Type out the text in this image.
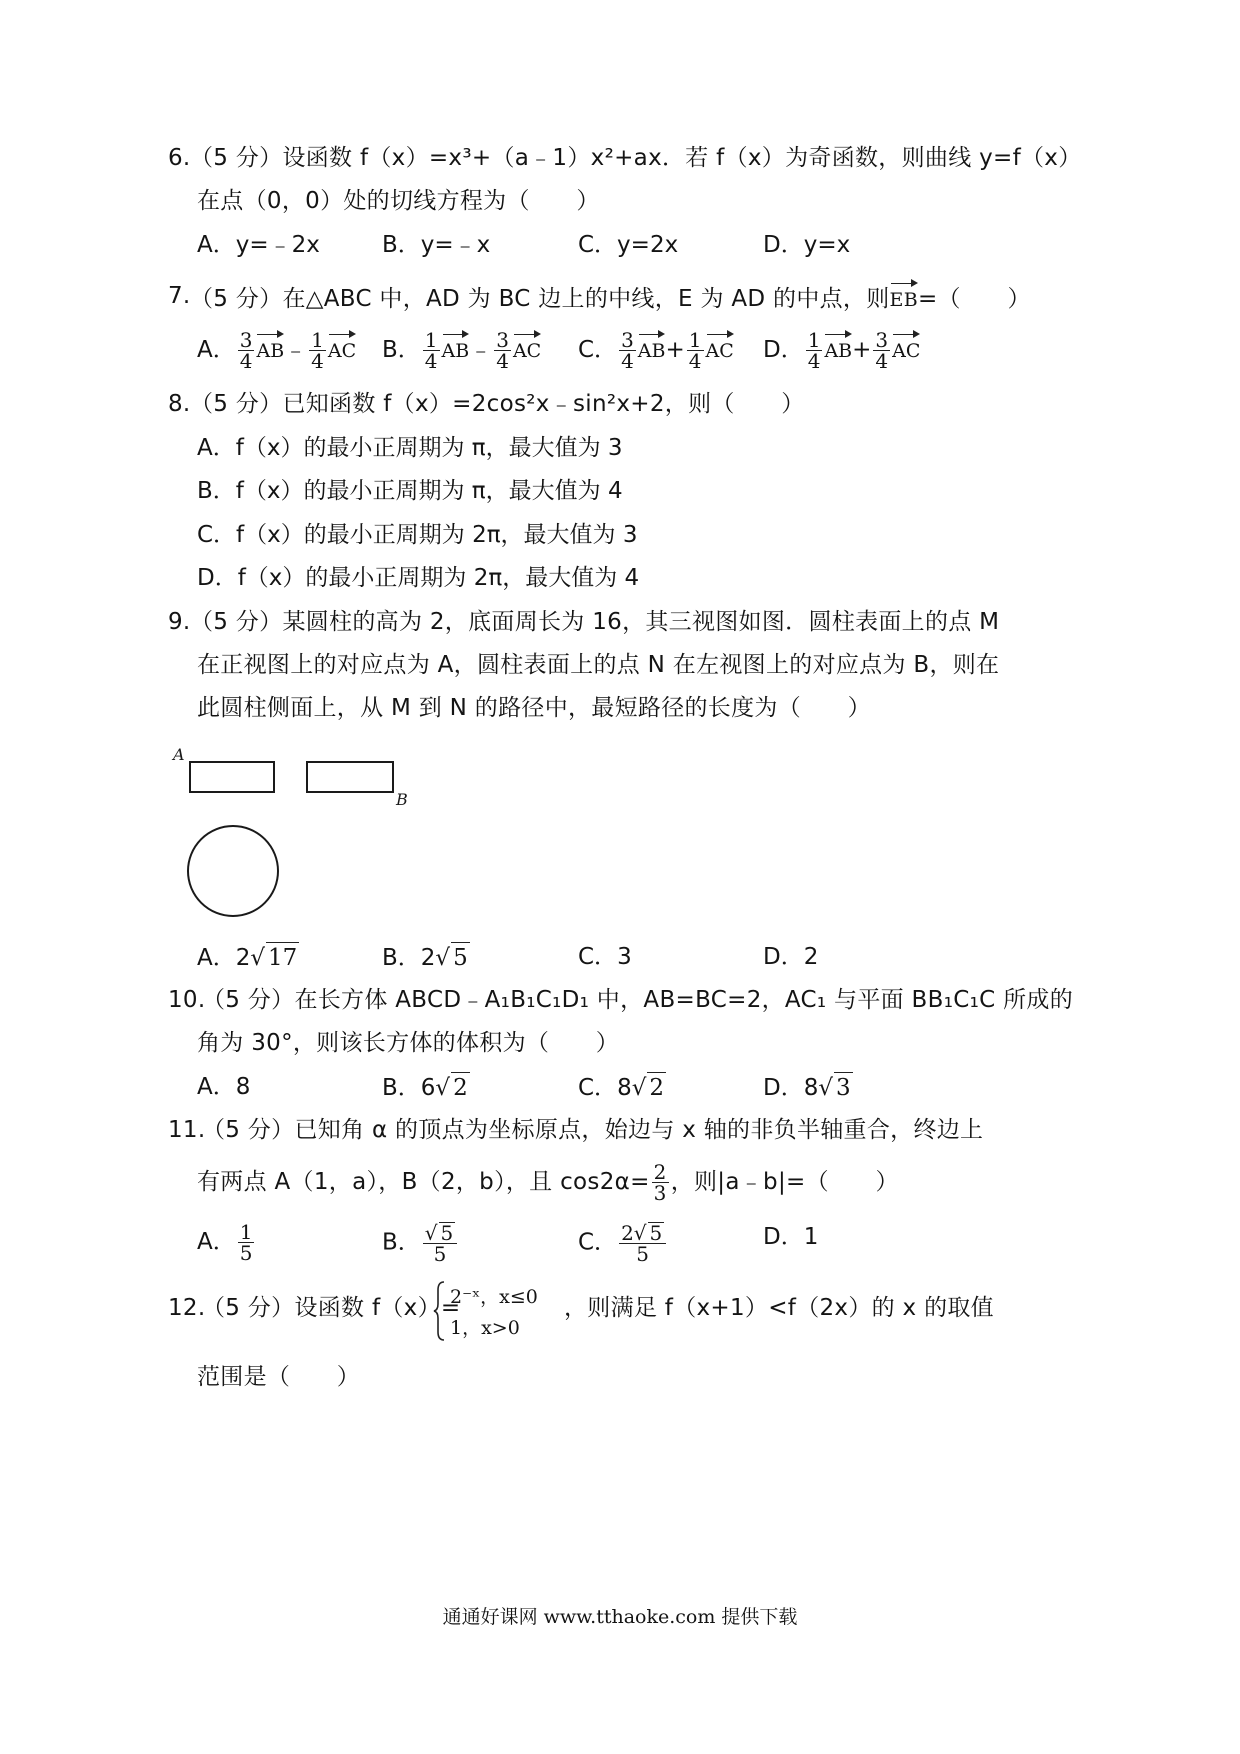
6. （5 分）设函数 f（x）=x³+（a﹣1）x²+ax．若 f（x）为奇函数，则曲线 y=f（x）
在点（0，0）处的切线方程为（　　）
A．y=﹣2x	B．y=﹣x	C．y=2x	D．y=x
7. （5 分）在△ABC 中，AD 为 BC 边上的中线，E 为 AD 的中点，则EB=（　　）
A． $\frac{3}{4}$ AB﹣ $\frac{1}{4}$ AC B． $\frac{1}{4}$ AB﹣ $\frac{3}{4}$ AC C． $\frac{3}{4} AB+ \frac{1}{4}$ AC D． $\frac{1}{4} AB+ \frac{3}{4}$ AC
8. （5 分）已知函数 f（x）=2cos²x﹣sin²x+2，则（　　）
A．f（x）的最小正周期为 π，最大值为 3
B．f（x）的最小正周期为 π，最大值为 4
C．f（x）的最小正周期为 2π，最大值为 3
D．f（x）的最小正周期为 2π，最大值为 4
9. （5 分）某圆柱的高为 2，底面周长为 16，其三视图如图．圆柱表面上的点 M
在正视图上的对应点为 A，圆柱表面上的点 N 在左视图上的对应点为 B，则在
此圆柱侧面上，从 M 到 N 的路径中，最短路径的长度为（　　）
A
B
A．2√ 17	B．2√ 5	C．3	D．2
10.
（5 分）在长方体 ABCD﹣A₁B₁C₁D₁ 中，AB=BC=2，AC₁ 与平面 BB₁C₁C 所成的
角为 30°，则该长方体的体积为（　　）
A．8	B．6√ 2	C．8√ 2	D．8√ 3
11.
（5 分）已知角 α 的顶点为坐标原点，始边与 x 轴的非负半轴重合，终边上
有两点 A（1，a），B（2，b），且 $\cos 2\alpha= \frac{2}{3}$ ，则|a﹣b|=（　　）
A． $\frac{1}{5}$	B． $\frac{√ 5}{5}$	C． $\frac{2√ 5}{5}$	D．1
12.
（5 分）设函数 f（x）=
2⁻ˣ，x≤0
1，x>0
，则满足 f（x+1）<f（2x）的 x 的取值
范围是（　　）
通通好课网 www.tthaoke.com 提供下载
